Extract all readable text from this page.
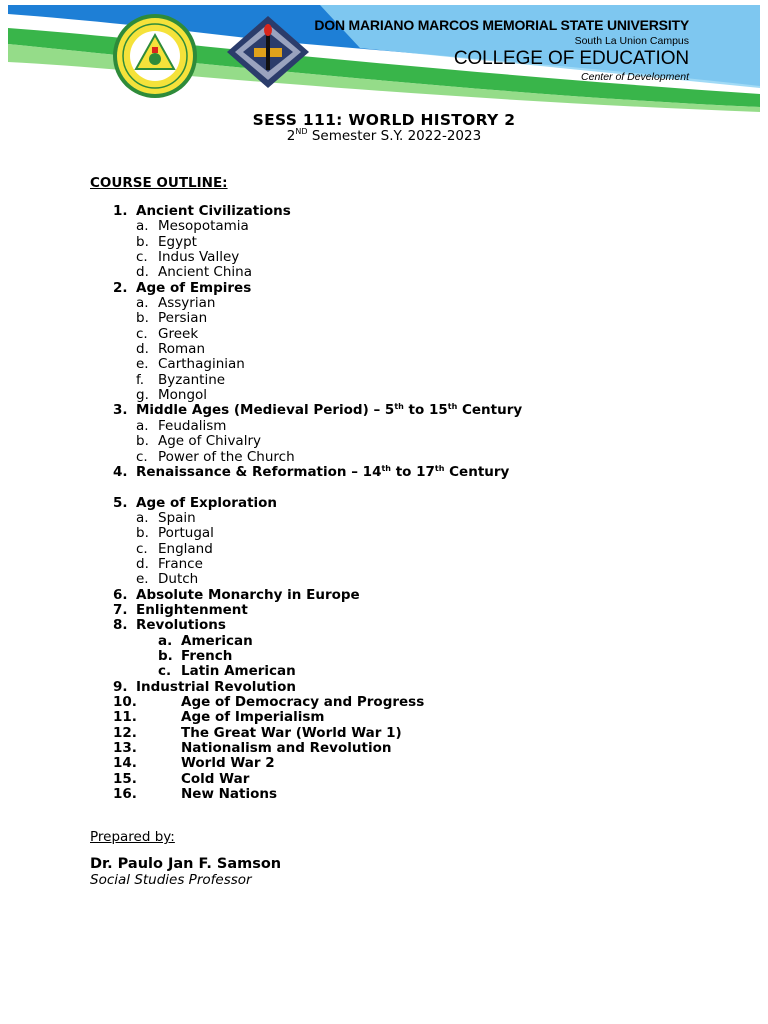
DON MARIANO MARCOS MEMORIAL STATE UNIVERSITY
South La Union Campus
COLLEGE OF EDUCATION
Center of Development
SESS 111: WORLD HISTORY 2
2ND Semester S.Y. 2022-2023
COURSE OUTLINE:
1. Ancient Civilizations
a. Mesopotamia
b. Egypt
c. Indus Valley
d. Ancient China
2. Age of Empires
a. Assyrian
b. Persian
c. Greek
d. Roman
e. Carthaginian
f. Byzantine
g. Mongol
3. Middle Ages (Medieval Period) – 5th to 15th Century
a. Feudalism
b. Age of Chivalry
c. Power of the Church
4. Renaissance & Reformation – 14th to 17th Century
5. Age of Exploration
a. Spain
b. Portugal
c. England
d. France
e. Dutch
6. Absolute Monarchy in Europe
7. Enlightenment
8. Revolutions
a. American
b. French
c. Latin American
9. Industrial Revolution
10.	Age of Democracy and Progress
11.	Age of Imperialism
12.	The Great War (World War 1)
13.	Nationalism and Revolution
14.	World War 2
15.	Cold War
16.	New Nations
Prepared by:
Dr. Paulo Jan F. Samson
Social Studies Professor
